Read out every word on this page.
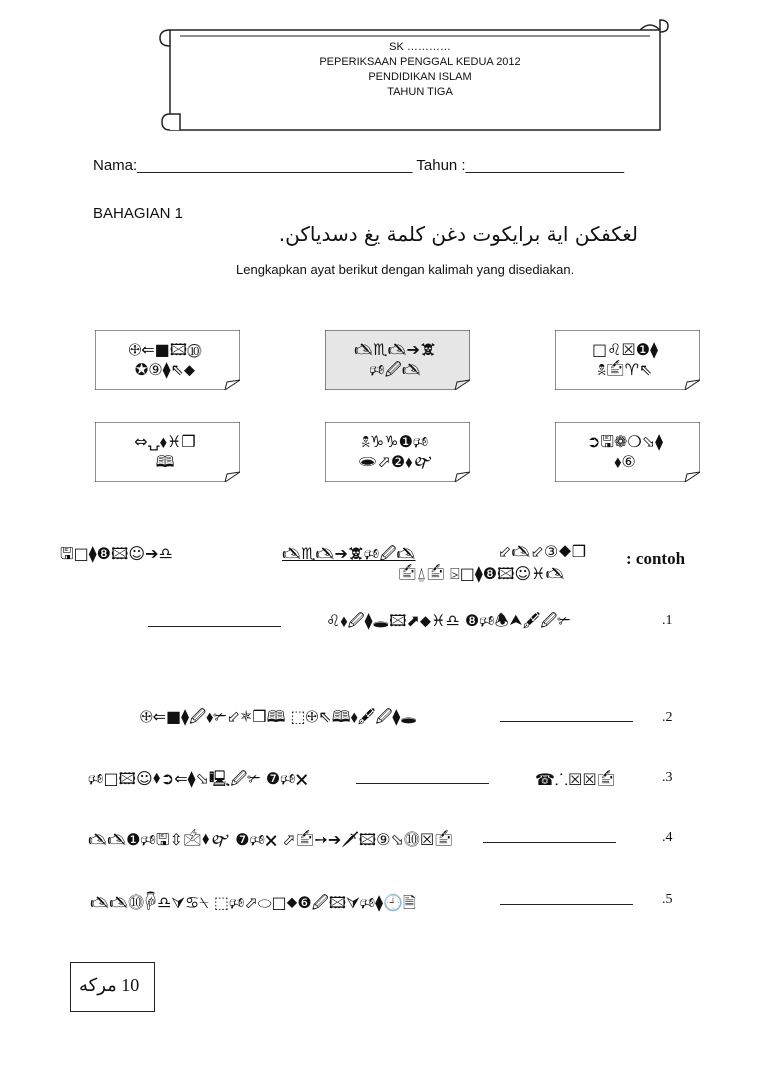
SK …………
PEPERIKSAAN PENGGAL KEDUA 2012
PENDIDIKAN ISLAM
TAHUN TIGA
Nama:_________________________________ Tahun :___________________
BAHAGIAN 1
لغكفكن اية برايكوت دغن كلمة يغ دسدياكن.
Lengkapkan ayat berikut dengan kalimah yang disediakan.
🕀⇐■🖾⓾
✪⑨⧫⇖⬥
🖎♏🖎➔🕱
🕫🖉🖎
□♌☒❶⧫
🕱🖆♈⇖
⇔⍽⬧♓❒
🕮
🕱♑♑❶🕫
🕳⬀❷⬧🙰
➲🖫❁❍⬂⧫
⬧⑥
🖫□⧫❽🖾☺➔♎	🖎♏🖎➔🕱🕫🖉🖎	⬃🖎⬃③⬥❒
🖆⍙🖆 ⍄□⧫❽🖾☺♓🖎
: contoh
♌⬧🖉⧫🕳🖾⬈⬥♓♎ ❽🕫🕭⮝🖋🖉✃	.1
🕀⇐■⧫🖉⬧✃⬃🟍❒🕮 ⬚🕀⇖🕮⬧🖋🖉⧫🕳	.2
🕫□🖾☺⬧➲⇐⧫⬂🖳🖉✃ ❼🕫🗙	☎⸫☒☒🖆	.3
🖎🖎❶🕫🖫⇳🖄⬧🙰 ❼🕫🗙 ⬀🖆➙➔🗡🖾⑨⬂⓾☒🖆	.4
🖎🖎⓾🖗♎⮛♋⍀ ⬚🕫⬀⬭□⬥❻🖉🖾⮛🕫⧫🕘🗎	.5
10 مركه
